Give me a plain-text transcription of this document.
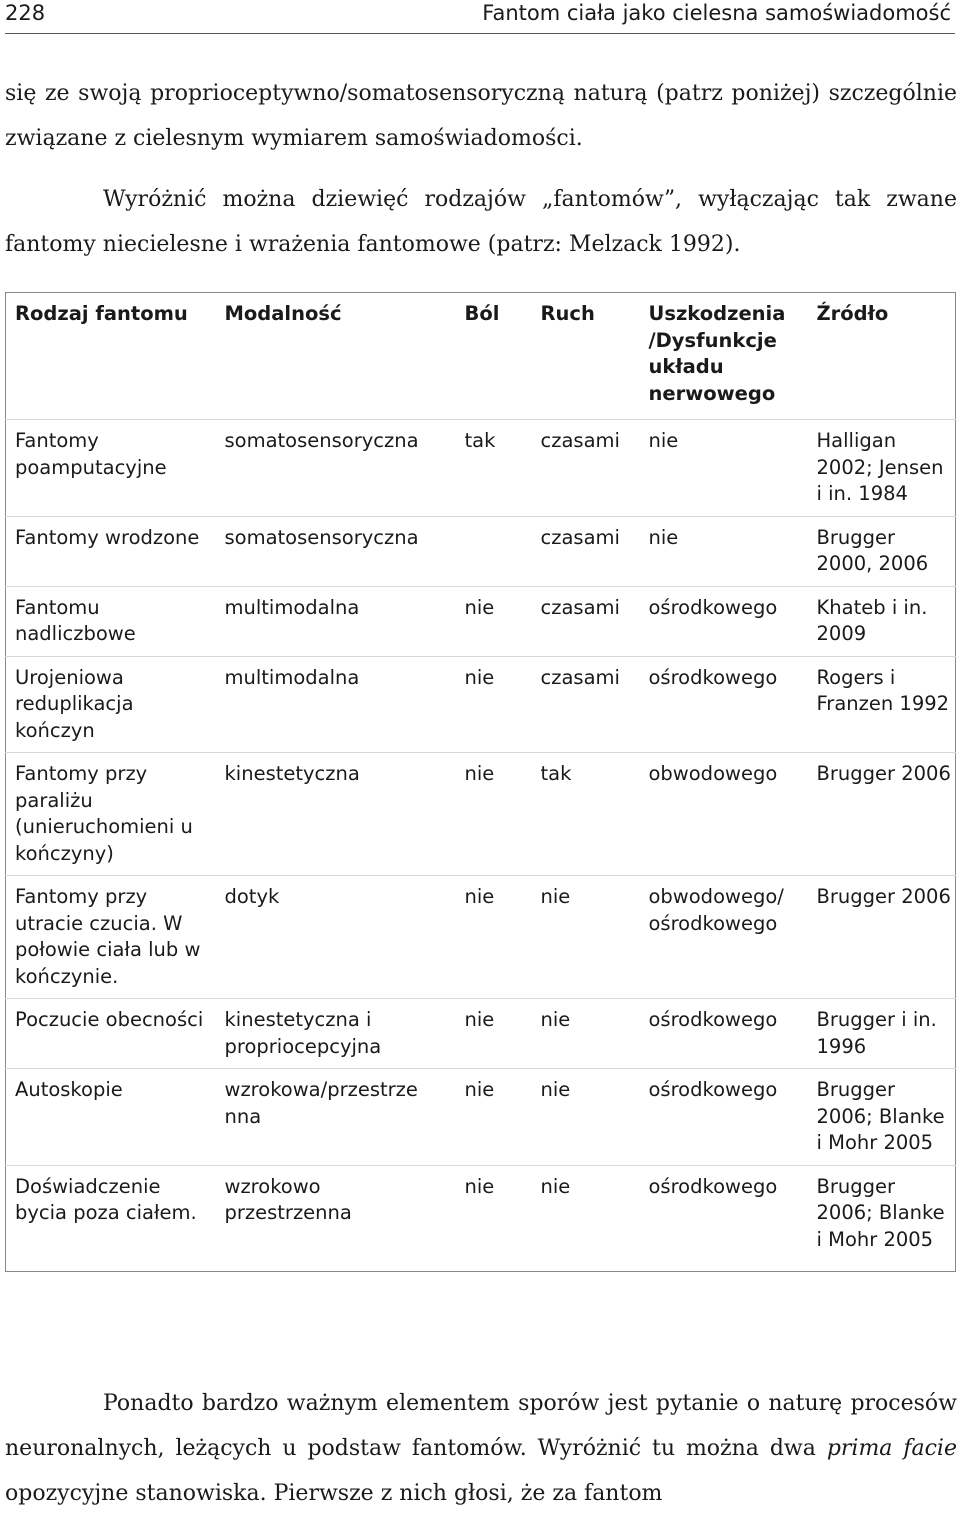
228	Fantom ciała jako cielesna samoświadomość

się ze swoją proprioceptywno/somatosensoryczną naturą (patrz poniżej) szczególnie związane z cielesnym wymiarem samoświadomości.

Wyróżnić można dziewięć rodzajów „fantomów”, wyłączając tak zwane fantomy niecielesne i wrażenia fantomowe (patrz: Melzack 1992).

Rodzaj fantomu	Modalność	Ból	Ruch	Uszkodzenia /Dysfunkcje układu nerwowego	Źródło
Fantomy poamputacyjne	somatosensoryczna	tak	czasami	nie	Halligan 2002; Jensen i in. 1984
Fantomy wrodzone	somatosensoryczna		czasami	nie	Brugger 2000, 2006
Fantomu nadliczbowe	multimodalna	nie	czasami	ośrodkowego	Khateb i in. 2009
Urojeniowa reduplikacja kończyn	multimodalna	nie	czasami	ośrodkowego	Rogers i Franzen 1992
Fantomy przy paraliżu (unieruchomieni u kończyny)	kinestetyczna	nie	tak	obwodowego	Brugger 2006
Fantomy przy utracie czucia. W połowie ciała lub w kończynie.	dotyk	nie	nie	obwodowego/ ośrodkowego	Brugger 2006
Poczucie obecności	kinestetyczna i propriocepcyjna	nie	nie	ośrodkowego	Brugger i in. 1996
Autoskopie	wzrokowa/przestrze nna	nie	nie	ośrodkowego	Brugger 2006; Blanke i Mohr 2005
Doświadczenie bycia poza ciałem.	wzrokowo przestrzenna	nie	nie	ośrodkowego	Brugger 2006; Blanke i Mohr 2005

Ponadto bardzo ważnym elementem sporów jest pytanie o naturę procesów neuronalnych, leżących u podstaw fantomów. Wyróżnić tu można dwa prima facie opozycyjne stanowiska. Pierwsze z nich głosi, że za fantom
